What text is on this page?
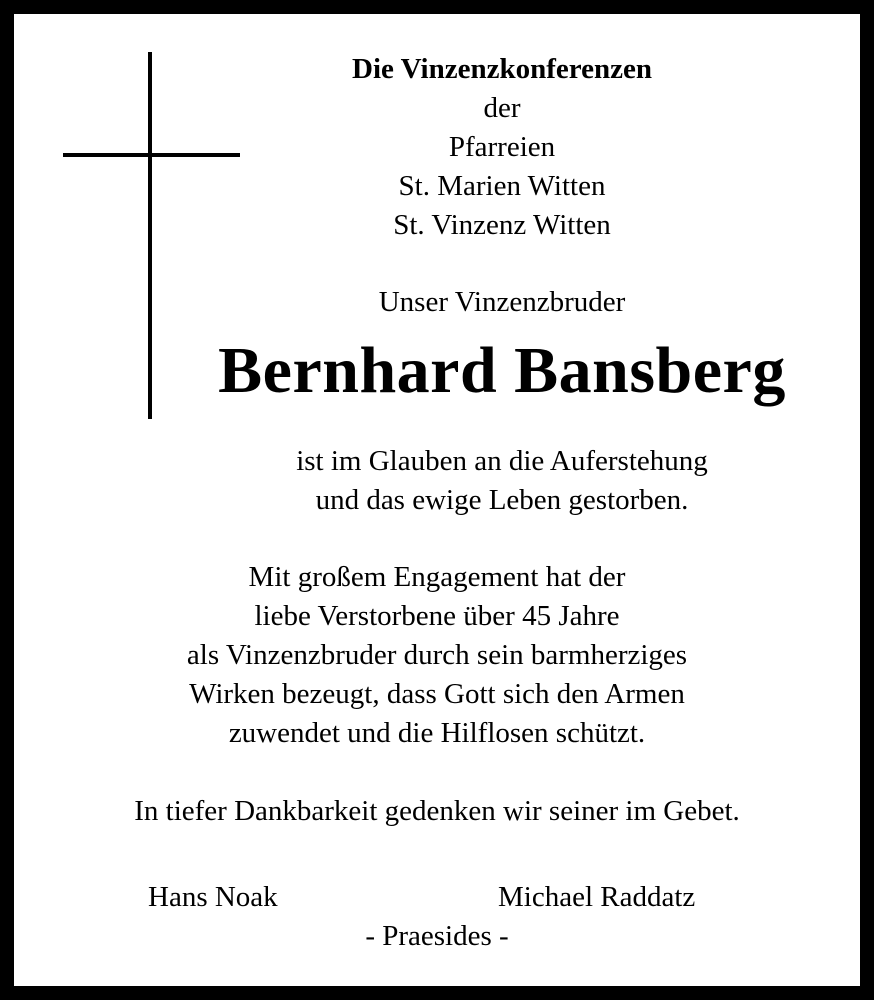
Die Vinzenzkonferenzen
der
Pfarreien
St. Marien Witten
St. Vinzenz Witten
Unser Vinzenzbruder
Bernhard Bansberg
ist im Glauben an die Auferstehung
und das ewige Leben gestorben.
Mit großem Engagement hat der
liebe Verstorbene über 45 Jahre
als Vinzenzbruder durch sein barmherziges
Wirken bezeugt, dass Gott sich den Armen
zuwendet und die Hilflosen schützt.
In tiefer Dankbarkeit gedenken wir seiner im Gebet.
Hans Noak	Michael Raddatz
- Praesides -
